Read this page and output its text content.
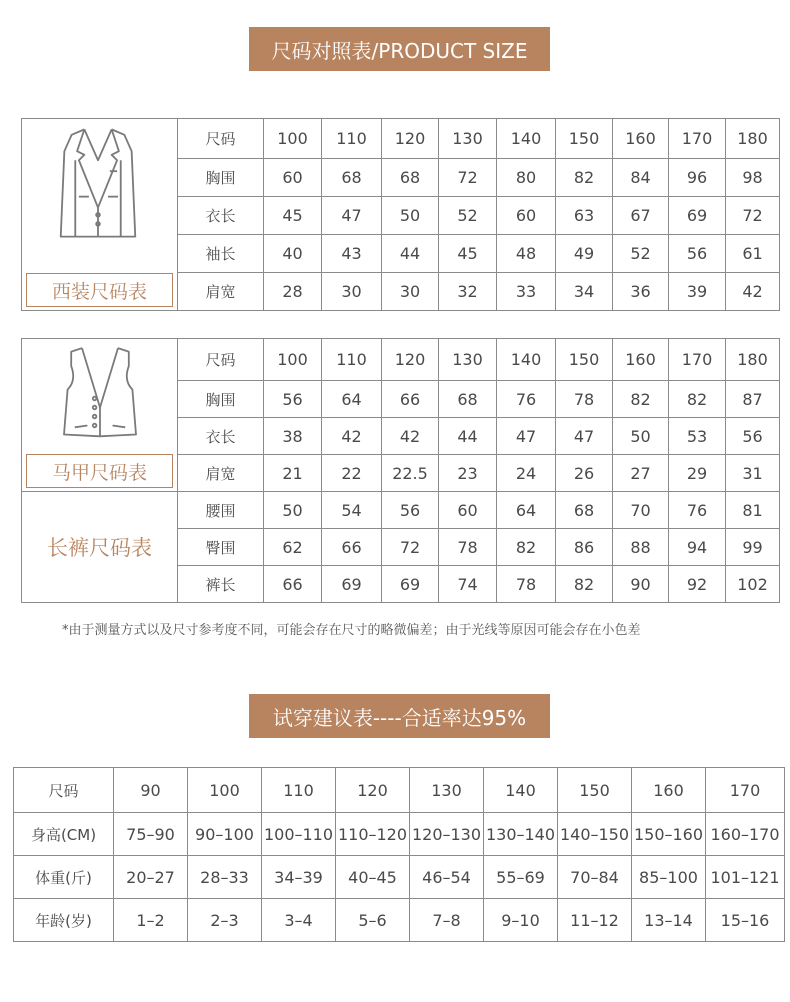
尺码对照表/PRODUCT SIZE
西装尺码表	尺码	100	110	120	130	140	150	160	170	180
	胸围	60	68	68	72	80	82	84	96	98
	衣长	45	47	50	52	60	63	67	69	72
	袖长	40	43	44	45	48	49	52	56	61
	肩宽	28	30	30	32	33	34	36	39	42
马甲尺码表	尺码	100	110	120	130	140	150	160	170	180
	胸围	56	64	66	68	76	78	82	82	87
	衣长	38	42	42	44	47	47	50	53	56
	肩宽	21	22	22.5	23	24	26	27	29	31
长裤尺码表	腰围	50	54	56	60	64	68	70	76	81
	臀围	62	66	72	78	82	86	88	94	99
	裤长	66	69	69	74	78	82	90	92	102
*由于测量方式以及尺寸参考度不同，可能会存在尺寸的略微偏差；由于光线等原因可能会存在小色差
试穿建议表----合适率达95%
尺码	90	100	110	120	130	140	150	160	170
身高(CM)	75–90	90–100	100–110	110–120	120–130	130–140	140–150	150–160	160–170
体重(斤)	20–27	28–33	34–39	40–45	46–54	55–69	70–84	85–100	101–121
年龄(岁)	1–2	2–3	3–4	5–6	7–8	9–10	11–12	13–14	15–16
